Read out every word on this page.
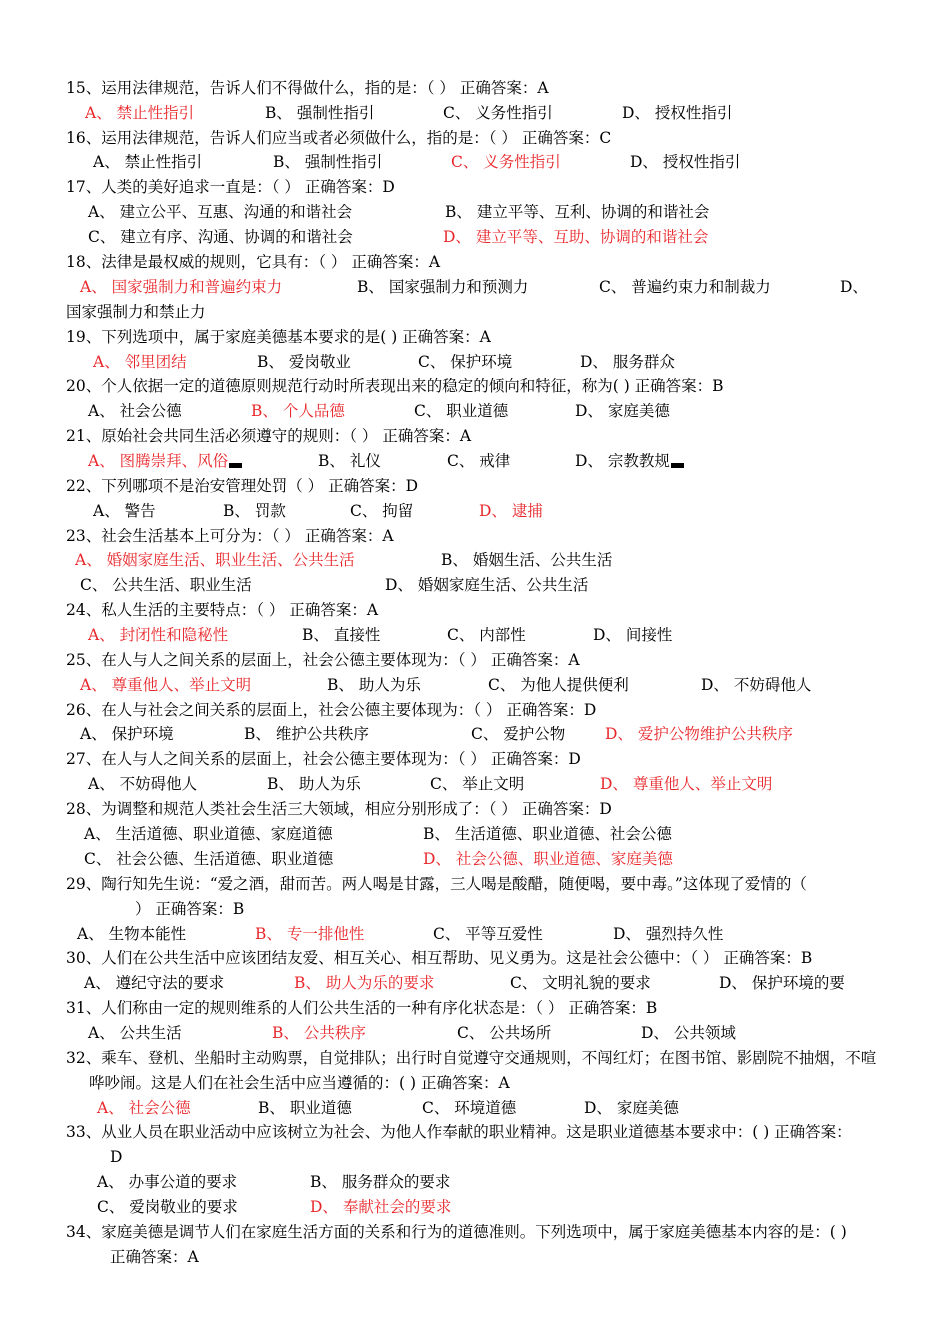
15、运用法律规范，告诉人们不得做什么，指的是：（ ） 正确答案：A
A、 禁止性指引	B、 强制性指引	C、 义务性指引	D、 授权性指引
16、运用法律规范，告诉人们应当或者必须做什么，指的是：（ ） 正确答案：C
A、 禁止性指引	B、 强制性指引	C、 义务性指引	D、 授权性指引
17、人类的美好追求一直是：（ ） 正确答案：D
A、 建立公平、互惠、沟通的和谐社会	B、 建立平等、互利、协调的和谐社会
C、 建立有序、沟通、协调的和谐社会	D、 建立平等、互助、协调的和谐社会
18、法律是最权威的规则，它具有：（ ） 正确答案：A
A、 国家强制力和普遍约束力	B、 国家强制力和预测力	C、 普遍约束力和制裁力	D、
国家强制力和禁止力
19、下列选项中，属于家庭美德基本要求的是( ) 正确答案：A
A、 邻里团结	B、 爱岗敬业	C、 保护环境	D、 服务群众
20、个人依据一定的道德原则规范行动时所表现出来的稳定的倾向和特征，称为( ) 正确答案：B
A、 社会公德	B、 个人品德	C、 职业道德	D、 家庭美德
21、原始社会共同生活必须遵守的规则：（ ） 正确答案：A
A、 图腾崇拜、风俗	B、 礼仪	C、 戒律	D、 宗教教规
22、下列哪项不是治安管理处罚（ ） 正确答案：D
A、 警告	B、 罚款	C、 拘留	D、 逮捕
23、社会生活基本上可分为：（ ） 正确答案：A
A、 婚姻家庭生活、职业生活、公共生活	B、 婚姻生活、公共生活
C、 公共生活、职业生活	D、 婚姻家庭生活、公共生活
24、私人生活的主要特点：（ ） 正确答案：A
A、 封闭性和隐秘性	B、 直接性	C、 内部性	D、 间接性
25、在人与人之间关系的层面上，社会公德主要体现为：（ ） 正确答案：A
A、 尊重他人、举止文明	B、 助人为乐	C、 为他人提供便利	D、 不妨碍他人
26、在人与社会之间关系的层面上，社会公德主要体现为：（ ） 正确答案：D
A、 保护环境	B、 维护公共秩序	C、 爱护公物	D、 爱护公物维护公共秩序
27、在人与人之间关系的层面上，社会公德主要体现为：（ ） 正确答案：D
A、 不妨碍他人	B、 助人为乐	C、 举止文明	D、 尊重他人、举止文明
28、为调整和规范人类社会生活三大领域，相应分别形成了：（ ） 正确答案：D
A、 生活道德、职业道德、家庭道德	B、 生活道德、职业道德、社会公德
C、 社会公德、生活道德、职业道德	D、 社会公德、职业道德、家庭美德
29、陶行知先生说：“爱之酒，甜而苦。两人喝是甘露，三人喝是酸醋，随便喝，要中毒。”这体现了爱情的（
） 正确答案：B
A、 生物本能性	B、 专一排他性	C、 平等互爱性	D、 强烈持久性
30、人们在公共生活中应该团结友爱、相互关心、相互帮助、见义勇为。这是社会公德中：（ ） 正确答案：B
A、 遵纪守法的要求	B、 助人为乐的要求	C、 文明礼貌的要求	D、 保护环境的要
31、人们称由一定的规则维系的人们公共生活的一种有序化状态是：（ ） 正确答案：B
A、 公共生活	B、 公共秩序	C、 公共场所	D、 公共领域
32、乘车、登机、坐船时主动购票，自觉排队；出行时自觉遵守交通规则，不闯红灯；在图书馆、影剧院不抽烟，不喧
哗吵闹。这是人们在社会生活中应当遵循的：( ) 正确答案：A
A、 社会公德	B、 职业道德	C、 环境道德	D、 家庭美德
33、从业人员在职业活动中应该树立为社会、为他人作奉献的职业精神。这是职业道德基本要求中：( ) 正确答案：
D
A、 办事公道的要求	B、 服务群众的要求
C、 爱岗敬业的要求	D、 奉献社会的要求
34、家庭美德是调节人们在家庭生活方面的关系和行为的道德准则。下列选项中，属于家庭美德基本内容的是：( )
正确答案：A
